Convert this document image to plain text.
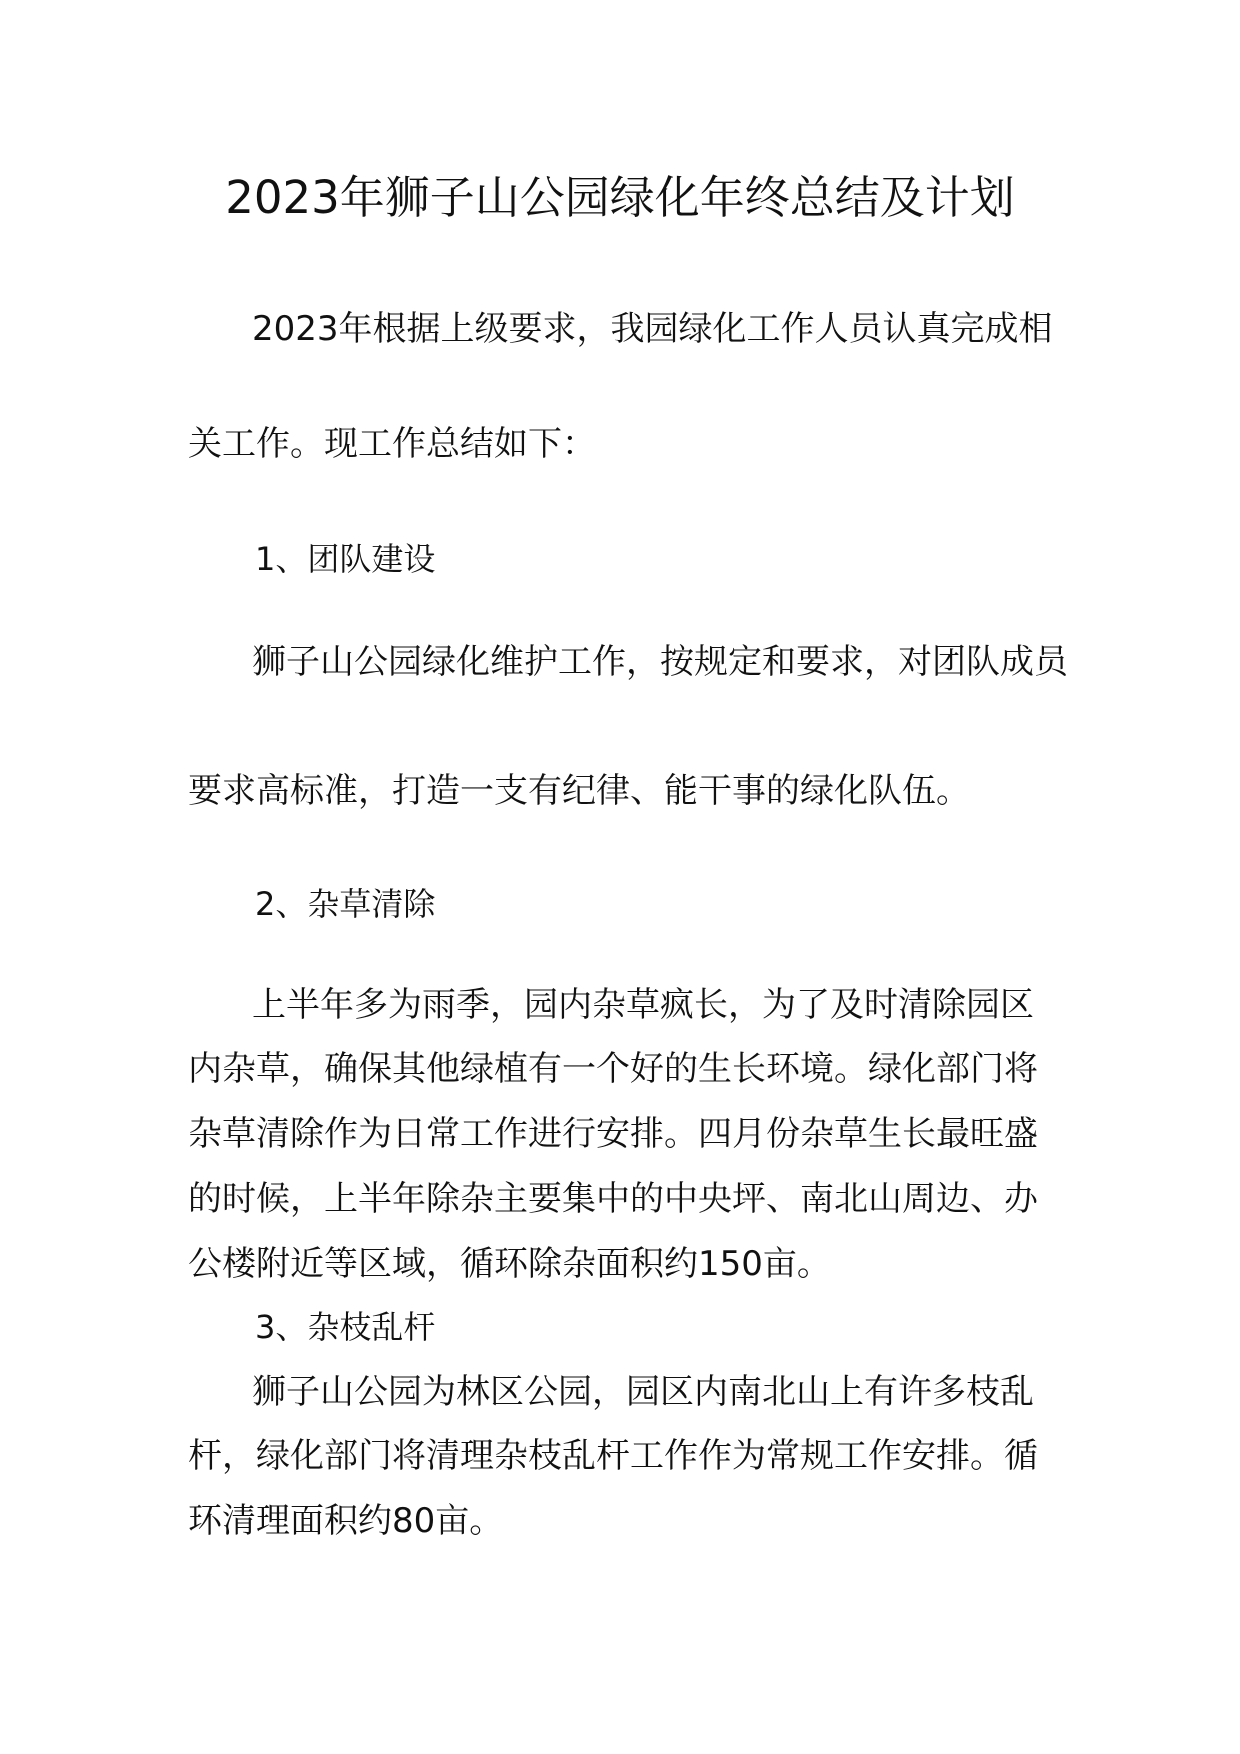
2023年狮子山公园绿化年终总结及计划
2023年根据上级要求，我园绿化工作人员认真完成相
关工作。现工作总结如下：
1、团队建设
狮子山公园绿化维护工作，按规定和要求，对团队成员
要求高标准，打造一支有纪律、能干事的绿化队伍。
2、杂草清除
上半年多为雨季，园内杂草疯长，为了及时清除园区
内杂草，确保其他绿植有一个好的生长环境。绿化部门将
杂草清除作为日常工作进行安排。四月份杂草生长最旺盛
的时候，上半年除杂主要集中的中央坪、南北山周边、办
公楼附近等区域，循环除杂面积约150亩。
3、杂枝乱杆
狮子山公园为林区公园，园区内南北山上有许多枝乱
杆，绿化部门将清理杂枝乱杆工作作为常规工作安排。循
环清理面积约80亩。
